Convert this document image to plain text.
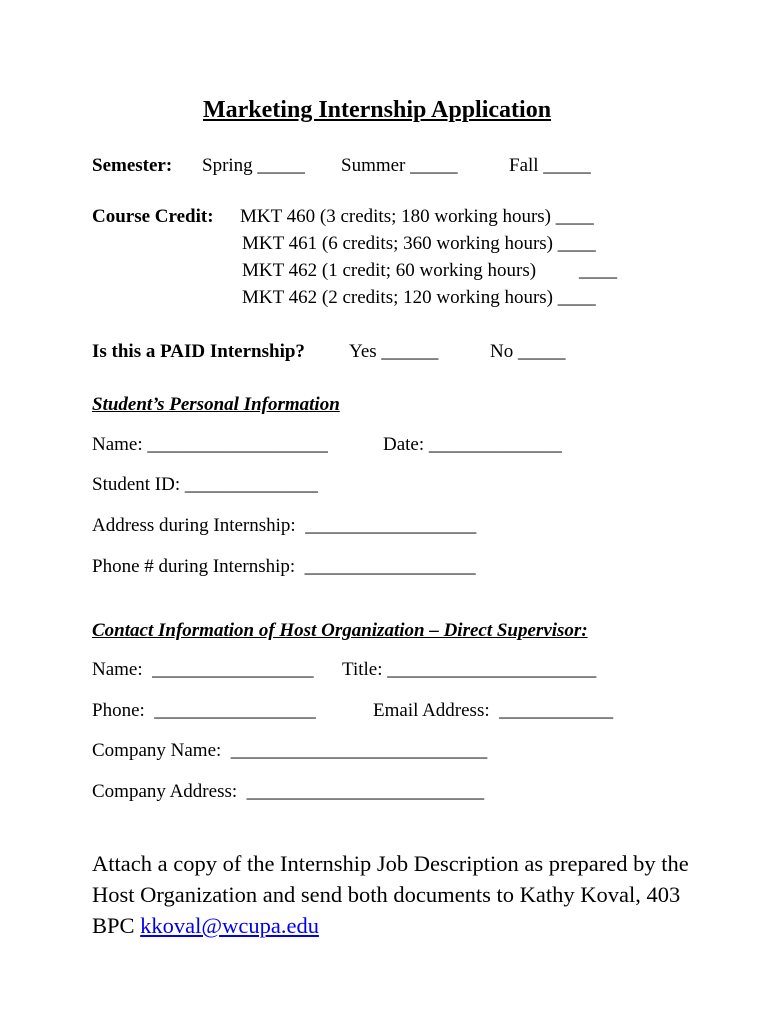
Marketing Internship Application
Semester: Spring _____ Summer _____	Fall _____
Course Credit: MKT 460 (3 credits; 180 working hours) ____
MKT 461 (6 credits; 360 working hours) ____
MKT 462 (1 credit; 60 working hours) ____
MKT 462 (2 credits; 120 working hours) ____
Is this a PAID Internship? Yes ______	No _____
Student’s Personal Information
Name: ___________________	Date: ______________
Student ID: ______________
Address during Internship:  __________________
Phone # during Internship:  __________________
Contact Information of Host Organization – Direct Supervisor:
Name:  _________________ Title: ______________________
Phone:  _________________	Email Address:  ____________
Company Name:  ___________________________
Company Address:  _________________________
Attach a copy of the Internship Job Description as prepared by the Host Organization and send both documents to Kathy Koval, 403 BPC kkoval@wcupa.edu
